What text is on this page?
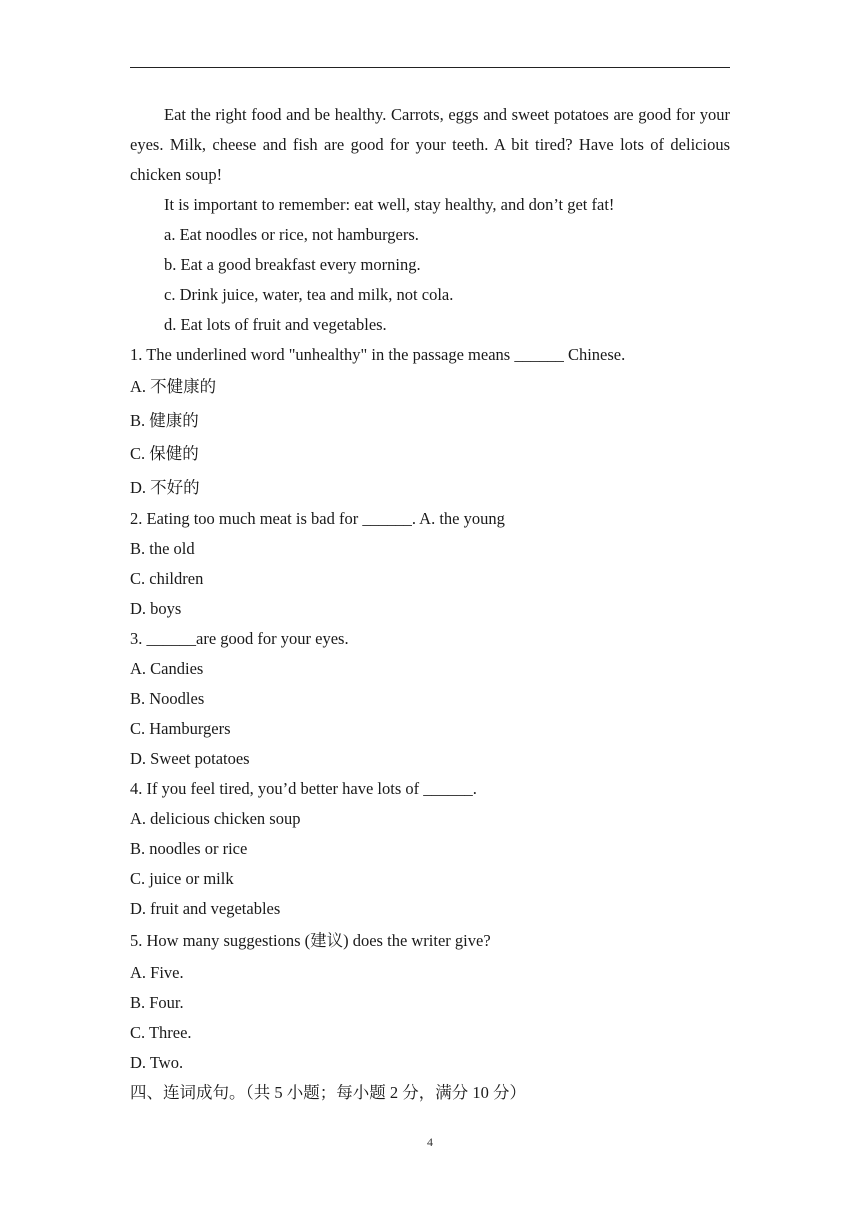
Eat the right food and be healthy. Carrots, eggs and sweet potatoes are good for your eyes. Milk, cheese and fish are good for your teeth. A bit tired? Have lots of delicious chicken soup!

It is important to remember: eat well, stay healthy, and don’t get fat!

a. Eat noodles or rice, not hamburgers.

b. Eat a good breakfast every morning.

c. Drink juice, water, tea and milk, not cola.

d. Eat lots of fruit and vegetables.

1. The underlined word "unhealthy" in the passage means ______ Chinese.

A. 不健康的

B. 健康的

C. 保健的

D. 不好的

2. Eating too much meat is bad for ______. A. the young

B. the old

C. children

D. boys

3. ______are good for your eyes.

A. Candies

B. Noodles

C. Hamburgers

D. Sweet potatoes

4. If you feel tired, you’d better have lots of ______.

A. delicious chicken soup

B. noodles or rice

C. juice or milk

D. fruit and vegetables

5. How many suggestions (建议) does the writer give?

A. Five.

B. Four.

C. Three.

D. Two.

四、连词成句。（共 5 小题；每小题 2 分，满分 10 分）

4
